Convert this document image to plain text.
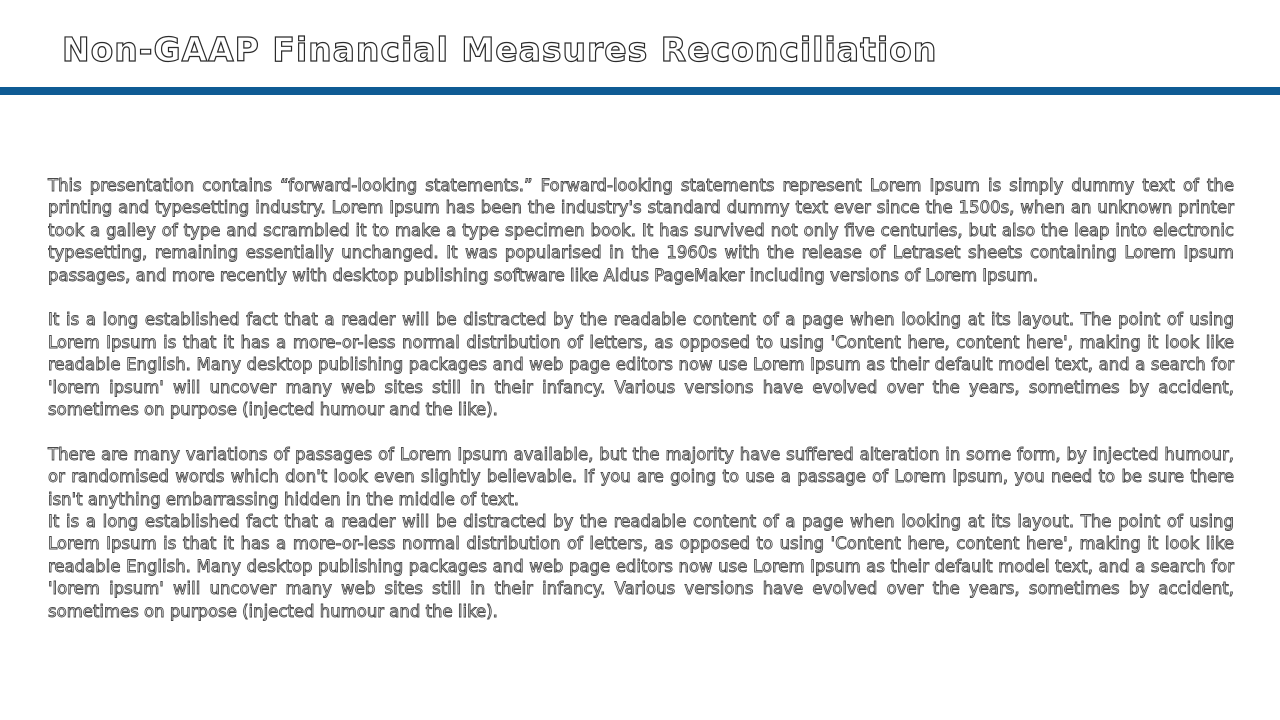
Non-GAAP Financial Measures Reconciliation

This presentation contains “forward-looking statements.” Forward-looking statements represent Lorem Ipsum is simply dummy text of the printing and typesetting industry. Lorem Ipsum has been the industry's standard dummy text ever since the 1500s, when an unknown printer took a galley of type and scrambled it to make a type specimen book. It has survived not only five centuries, but also the leap into electronic typesetting, remaining essentially unchanged. It was popularised in the 1960s with the release of Letraset sheets containing Lorem Ipsum passages, and more recently with desktop publishing software like Aldus PageMaker including versions of Lorem Ipsum.

It is a long established fact that a reader will be distracted by the readable content of a page when looking at its layout. The point of using Lorem Ipsum is that it has a more-or-less normal distribution of letters, as opposed to using 'Content here, content here', making it look like readable English. Many desktop publishing packages and web page editors now use Lorem Ipsum as their default model text, and a search for 'lorem ipsum' will uncover many web sites still in their infancy. Various versions have evolved over the years, sometimes by accident, sometimes on purpose (injected humour and the like).

There are many variations of passages of Lorem Ipsum available, but the majority have suffered alteration in some form, by injected humour, or randomised words which don't look even slightly believable. If you are going to use a passage of Lorem Ipsum, you need to be sure there isn't anything embarrassing hidden in the middle of text.

It is a long established fact that a reader will be distracted by the readable content of a page when looking at its layout. The point of using Lorem Ipsum is that it has a more-or-less normal distribution of letters, as opposed to using 'Content here, content here', making it look like readable English. Many desktop publishing packages and web page editors now use Lorem Ipsum as their default model text, and a search for 'lorem ipsum' will uncover many web sites still in their infancy. Various versions have evolved over the years, sometimes by accident, sometimes on purpose (injected humour and the like).
